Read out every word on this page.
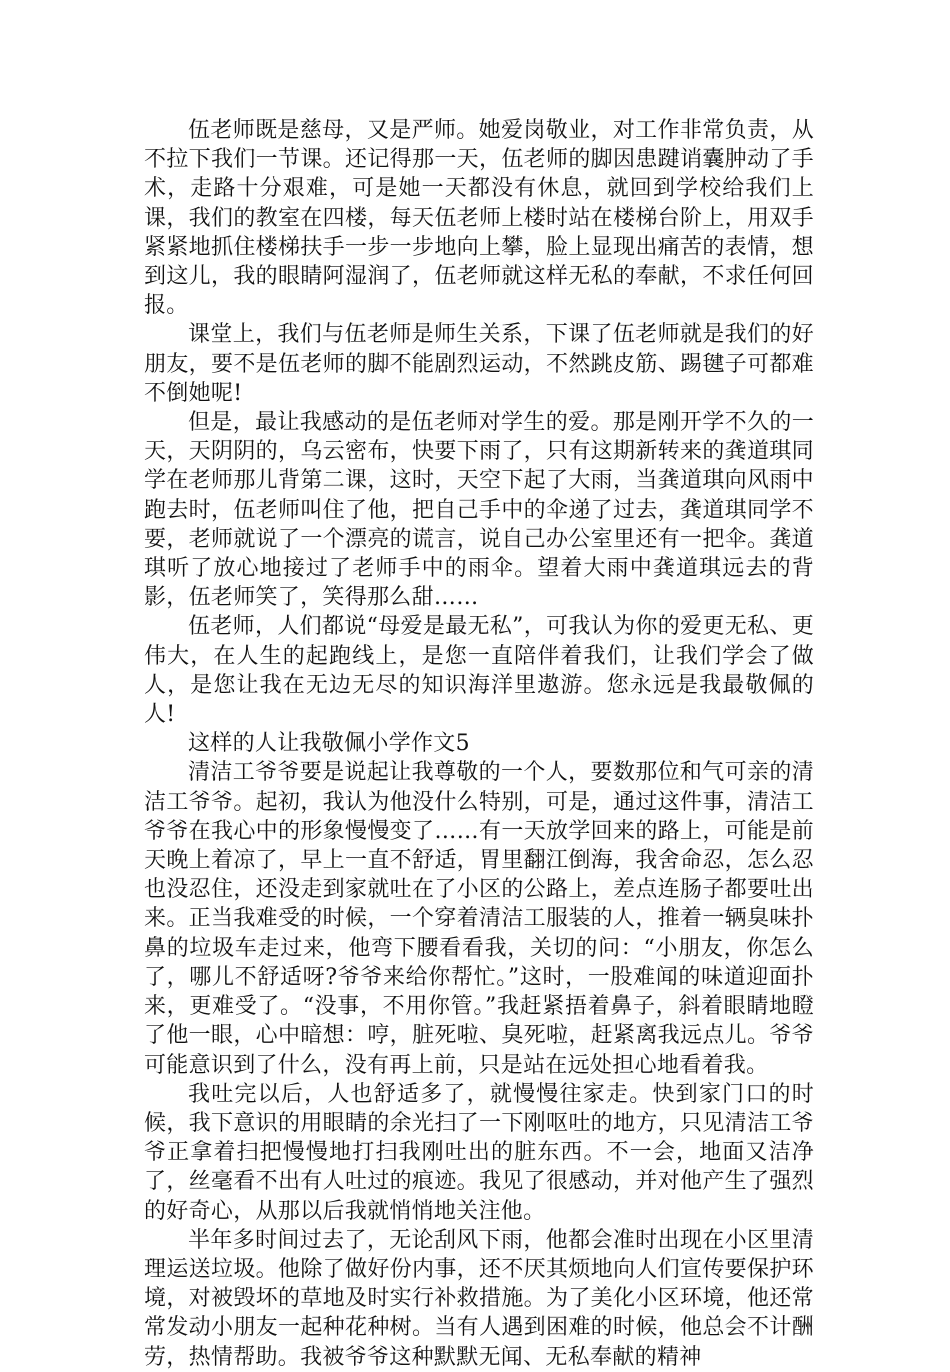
伍老师既是慈母，又是严师。她爱岗敬业，对工作非常负责，从不拉下我们一节课。还记得那一天，伍老师的脚因患踺诮囊肿动了手术，走路十分艰难，可是她一天都没有休息，就回到学校给我们上课，我们的教室在四楼，每天伍老师上楼时站在楼梯台阶上，用双手紧紧地抓住楼梯扶手一步一步地向上攀，脸上显现出痛苦的表情，想到这儿，我的眼睛阿湿润了，伍老师就这样无私的奉献，不求任何回报。

课堂上，我们与伍老师是师生关系，下课了伍老师就是我们的好朋友，要不是伍老师的脚不能剧烈运动，不然跳皮筋、踢毽子可都难不倒她呢!

但是，最让我感动的是伍老师对学生的爱。那是刚开学不久的一天，天阴阴的，乌云密布，快要下雨了，只有这期新转来的龚道琪同学在老师那儿背第二课，这时，天空下起了大雨，当龚道琪向风雨中跑去时，伍老师叫住了他，把自己手中的伞递了过去，龚道琪同学不要，老师就说了一个漂亮的谎言，说自己办公室里还有一把伞。龚道琪听了放心地接过了老师手中的雨伞。望着大雨中龚道琪远去的背影，伍老师笑了，笑得那么甜……

伍老师，人们都说“母爱是最无私”，可我认为你的爱更无私、更伟大，在人生的起跑线上，是您一直陪伴着我们，让我们学会了做人，是您让我在无边无尽的知识海洋里遨游。您永远是我最敬佩的人!

这样的人让我敬佩小学作文5

清洁工爷爷要是说起让我尊敬的一个人，要数那位和气可亲的清洁工爷爷。起初，我认为他没什么特别，可是，通过这件事，清洁工爷爷在我心中的形象慢慢变了……有一天放学回来的路上，可能是前天晚上着凉了，早上一直不舒适，胃里翻江倒海，我舍命忍，怎么忍也没忍住，还没走到家就吐在了小区的公路上，差点连肠子都要吐出来。正当我难受的时候，一个穿着清洁工服装的人，推着一辆臭味扑鼻的垃圾车走过来，他弯下腰看看我，关切的问：“小朋友，你怎么了，哪儿不舒适呀?爷爷来给你帮忙。”这时，一股难闻的味道迎面扑来，更难受了。“没事，不用你管。”我赶紧捂着鼻子，斜着眼睛地瞪了他一眼，心中暗想：哼，脏死啦、臭死啦，赶紧离我远点儿。爷爷可能意识到了什么，没有再上前，只是站在远处担心地看着我。

我吐完以后，人也舒适多了，就慢慢往家走。快到家门口的时候，我下意识的用眼睛的余光扫了一下刚呕吐的地方，只见清洁工爷爷正拿着扫把慢慢地打扫我刚吐出的脏东西。不一会，地面又洁净了，丝毫看不出有人吐过的痕迹。我见了很感动，并对他产生了强烈的好奇心，从那以后我就悄悄地关注他。

半年多时间过去了，无论刮风下雨，他都会准时出现在小区里清理运送垃圾。他除了做好份内事，还不厌其烦地向人们宣传要保护环境，对被毁坏的草地及时实行补救措施。为了美化小区环境，他还常常发动小朋友一起种花种树。当有人遇到困难的时候，他总会不计酬劳，热情帮助。我被爷爷这种默默无闻、无私奉献的精神
